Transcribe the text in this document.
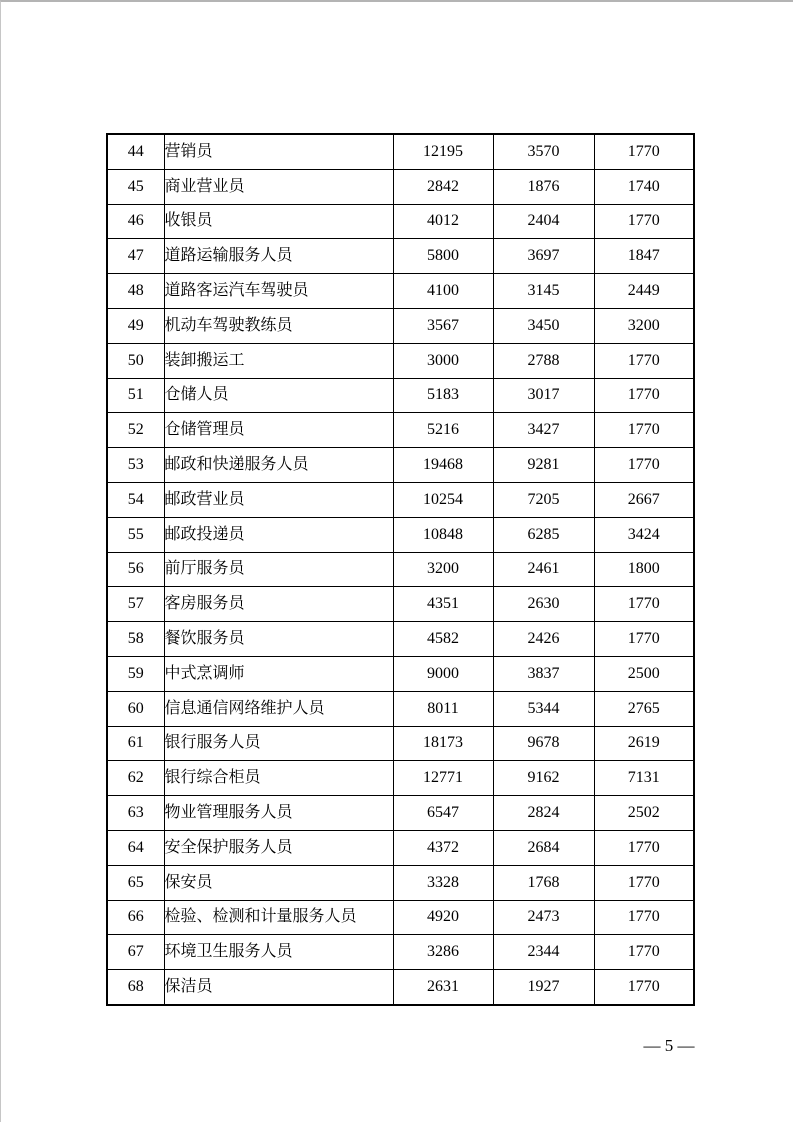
44	营销员	12195	3570	1770
45	商业营业员	2842	1876	1740
46	收银员	4012	2404	1770
47	道路运输服务人员	5800	3697	1847
48	道路客运汽车驾驶员	4100	3145	2449
49	机动车驾驶教练员	3567	3450	3200
50	装卸搬运工	3000	2788	1770
51	仓储人员	5183	3017	1770
52	仓储管理员	5216	3427	1770
53	邮政和快递服务人员	19468	9281	1770
54	邮政营业员	10254	7205	2667
55	邮政投递员	10848	6285	3424
56	前厅服务员	3200	2461	1800
57	客房服务员	4351	2630	1770
58	餐饮服务员	4582	2426	1770
59	中式烹调师	9000	3837	2500
60	信息通信网络维护人员	8011	5344	2765
61	银行服务人员	18173	9678	2619
62	银行综合柜员	12771	9162	7131
63	物业管理服务人员	6547	2824	2502
64	安全保护服务人员	4372	2684	1770
65	保安员	3328	1768	1770
66	检验、检测和计量服务人员	4920	2473	1770
67	环境卫生服务人员	3286	2344	1770
68	保洁员	2631	1927	1770
— 5 —
